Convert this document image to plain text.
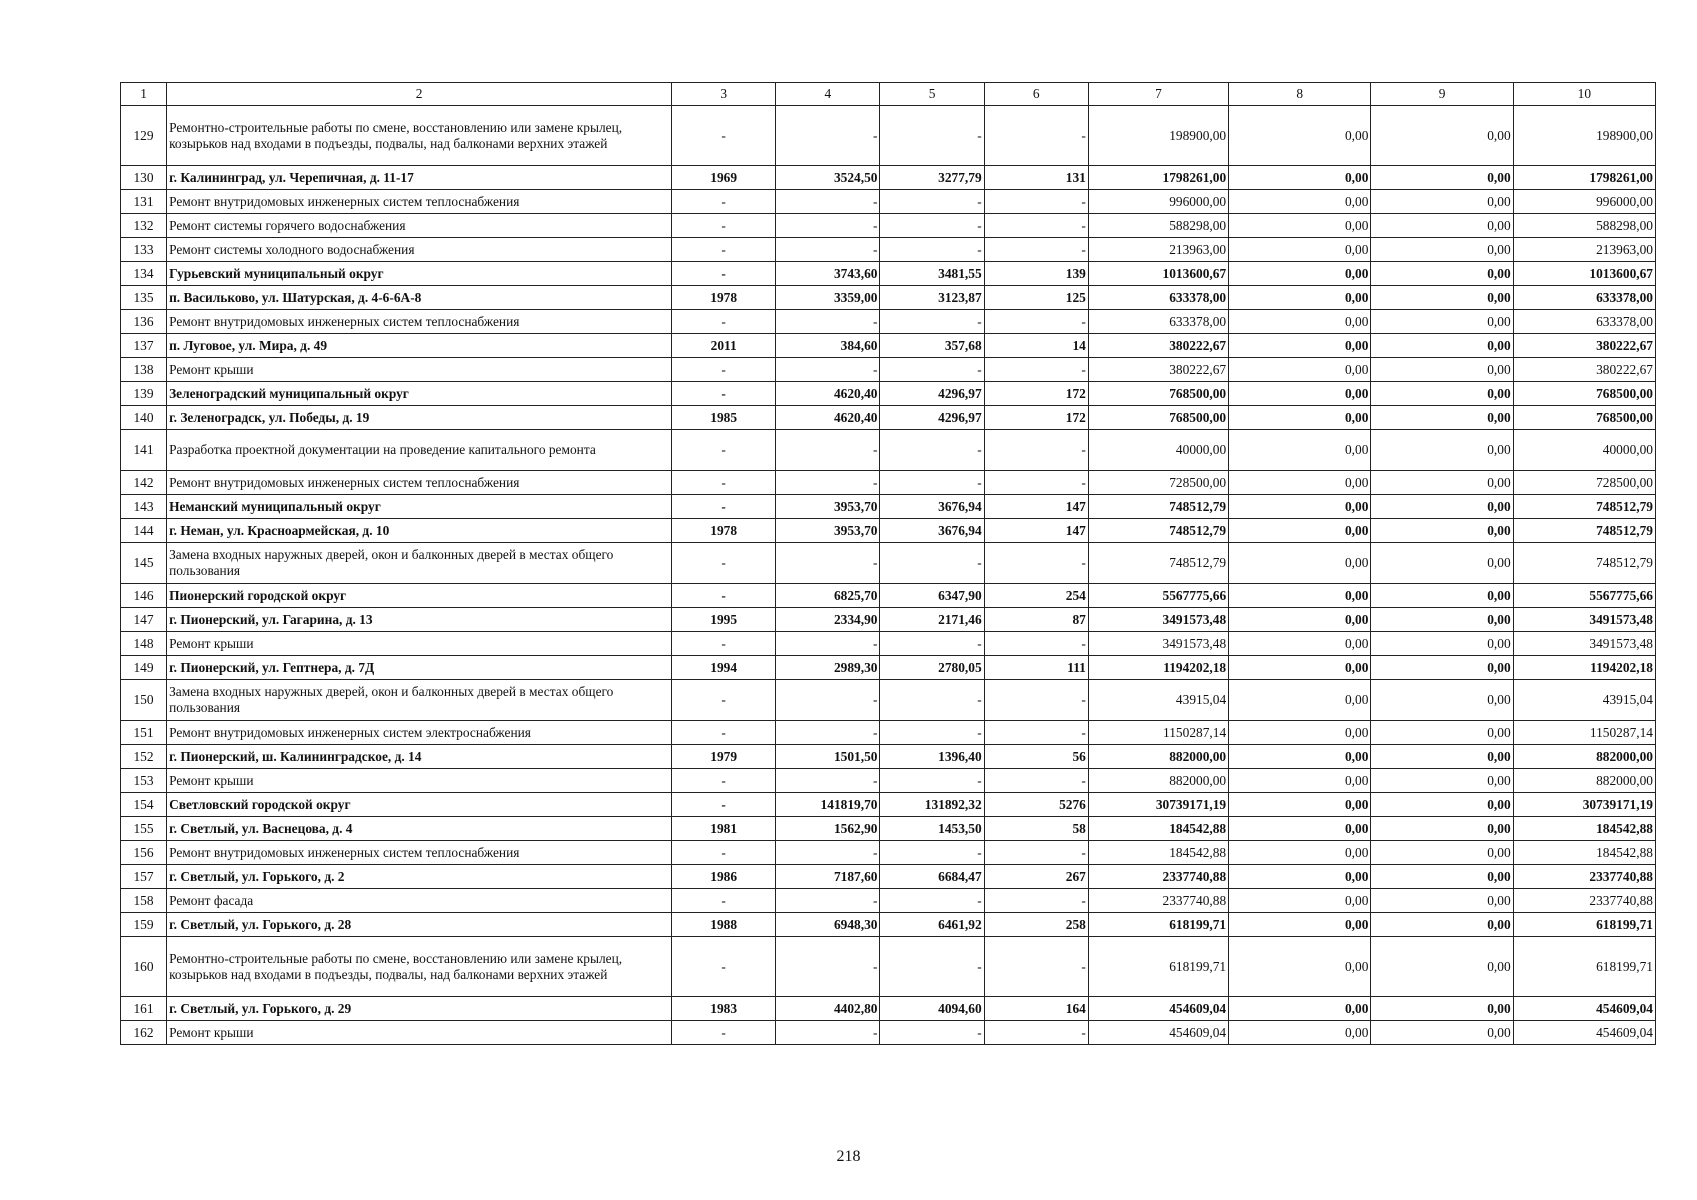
1	2	3	4	5	6	7	8	9	10
129	Ремонтно-строительные работы по смене, восстановлению или замене крылец, козырьков над входами в подъезды, подвалы, над балконами верхних этажей	-	-	-	-	198900,00	0,00	0,00	198900,00
130	г. Калининград, ул. Черепичная, д. 11-17	1969	3524,50	3277,79	131	1798261,00	0,00	0,00	1798261,00
131	Ремонт внутридомовых инженерных систем теплоснабжения	-	-	-	-	996000,00	0,00	0,00	996000,00
132	Ремонт системы горячего водоснабжения	-	-	-	-	588298,00	0,00	0,00	588298,00
133	Ремонт системы холодного водоснабжения	-	-	-	-	213963,00	0,00	0,00	213963,00
134	Гурьевский муниципальный округ	-	3743,60	3481,55	139	1013600,67	0,00	0,00	1013600,67
135	п. Васильково, ул. Шатурская, д. 4-6-6А-8	1978	3359,00	3123,87	125	633378,00	0,00	0,00	633378,00
136	Ремонт внутридомовых инженерных систем теплоснабжения	-	-	-	-	633378,00	0,00	0,00	633378,00
137	п. Луговое, ул. Мира, д. 49	2011	384,60	357,68	14	380222,67	0,00	0,00	380222,67
138	Ремонт крыши	-	-	-	-	380222,67	0,00	0,00	380222,67
139	Зеленоградский муниципальный округ	-	4620,40	4296,97	172	768500,00	0,00	0,00	768500,00
140	г. Зеленоградск, ул. Победы, д. 19	1985	4620,40	4296,97	172	768500,00	0,00	0,00	768500,00
141	Разработка проектной документации на проведение капитального ремонта	-	-	-	-	40000,00	0,00	0,00	40000,00
142	Ремонт внутридомовых инженерных систем теплоснабжения	-	-	-	-	728500,00	0,00	0,00	728500,00
143	Неманский муниципальный округ	-	3953,70	3676,94	147	748512,79	0,00	0,00	748512,79
144	г. Неман, ул. Красноармейская, д. 10	1978	3953,70	3676,94	147	748512,79	0,00	0,00	748512,79
145	Замена входных наружных дверей, окон и балконных дверей в местах общего пользования	-	-	-	-	748512,79	0,00	0,00	748512,79
146	Пионерский городской округ	-	6825,70	6347,90	254	5567775,66	0,00	0,00	5567775,66
147	г. Пионерский, ул. Гагарина, д. 13	1995	2334,90	2171,46	87	3491573,48	0,00	0,00	3491573,48
148	Ремонт крыши	-	-	-	-	3491573,48	0,00	0,00	3491573,48
149	г. Пионерский, ул. Гептнера, д. 7Д	1994	2989,30	2780,05	111	1194202,18	0,00	0,00	1194202,18
150	Замена входных наружных дверей, окон и балконных дверей в местах общего пользования	-	-	-	-	43915,04	0,00	0,00	43915,04
151	Ремонт внутридомовых инженерных систем электроснабжения	-	-	-	-	1150287,14	0,00	0,00	1150287,14
152	г. Пионерский, ш. Калининградское, д. 14	1979	1501,50	1396,40	56	882000,00	0,00	0,00	882000,00
153	Ремонт крыши	-	-	-	-	882000,00	0,00	0,00	882000,00
154	Светловский городской округ	-	141819,70	131892,32	5276	30739171,19	0,00	0,00	30739171,19
155	г. Светлый, ул. Васнецова, д. 4	1981	1562,90	1453,50	58	184542,88	0,00	0,00	184542,88
156	Ремонт внутридомовых инженерных систем теплоснабжения	-	-	-	-	184542,88	0,00	0,00	184542,88
157	г. Светлый, ул. Горького, д. 2	1986	7187,60	6684,47	267	2337740,88	0,00	0,00	2337740,88
158	Ремонт фасада	-	-	-	-	2337740,88	0,00	0,00	2337740,88
159	г. Светлый, ул. Горького, д. 28	1988	6948,30	6461,92	258	618199,71	0,00	0,00	618199,71
160	Ремонтно-строительные работы по смене, восстановлению или замене крылец, козырьков над входами в подъезды, подвалы, над балконами верхних этажей	-	-	-	-	618199,71	0,00	0,00	618199,71
161	г. Светлый, ул. Горького, д. 29	1983	4402,80	4094,60	164	454609,04	0,00	0,00	454609,04
162	Ремонт крыши	-	-	-	-	454609,04	0,00	0,00	454609,04
218
